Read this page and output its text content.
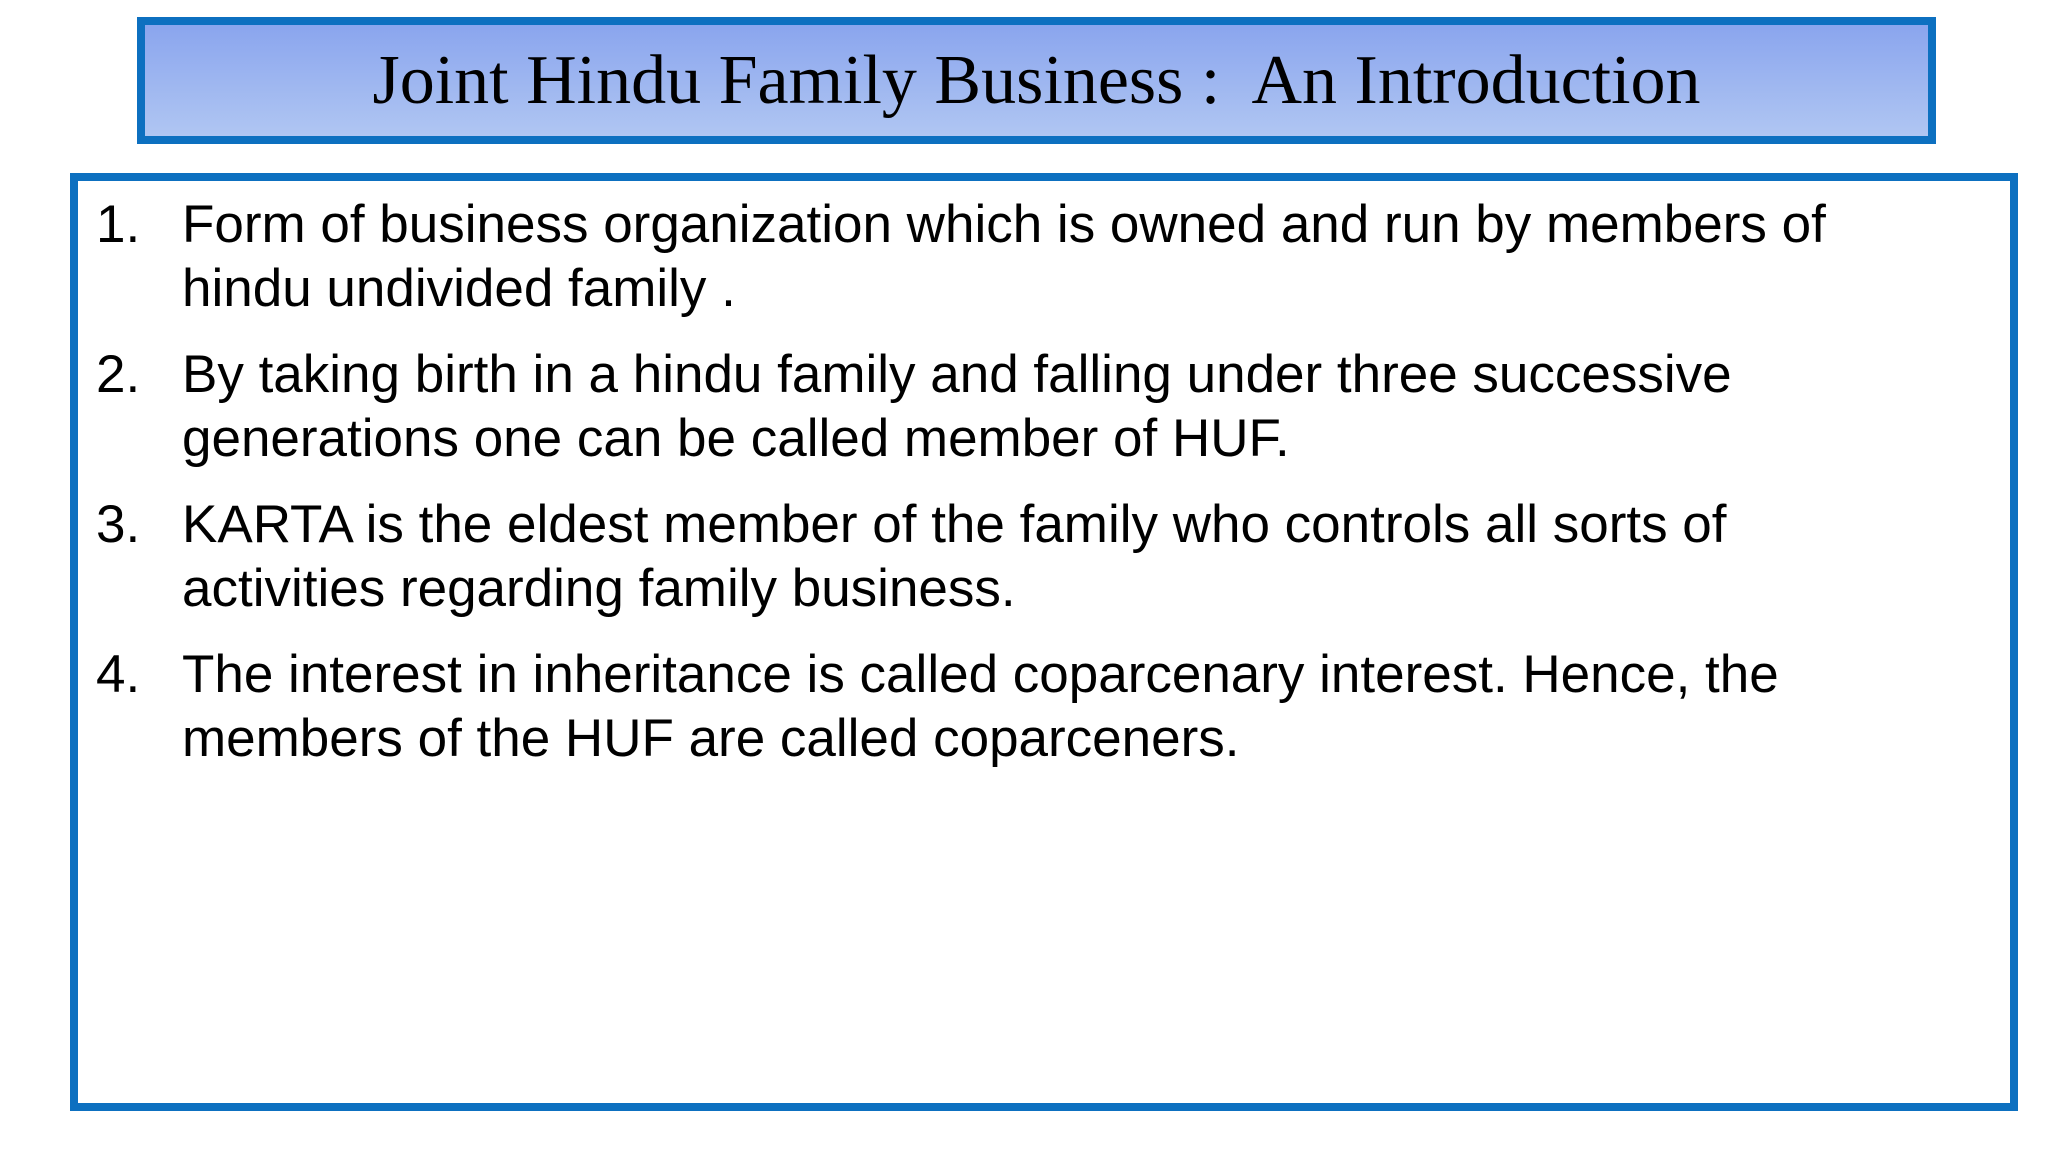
Joint Hindu Family Business :  An Introduction
1. Form of business organization which is owned and run by members of
hindu undivided family .
2. By taking birth in a hindu family and falling under three successive
generations one can be called member of HUF.
3. KARTA is the eldest member of the family who controls all sorts of
activities regarding family business.
4. The interest in inheritance is called coparcenary interest. Hence, the
members of the HUF are called coparceners.
